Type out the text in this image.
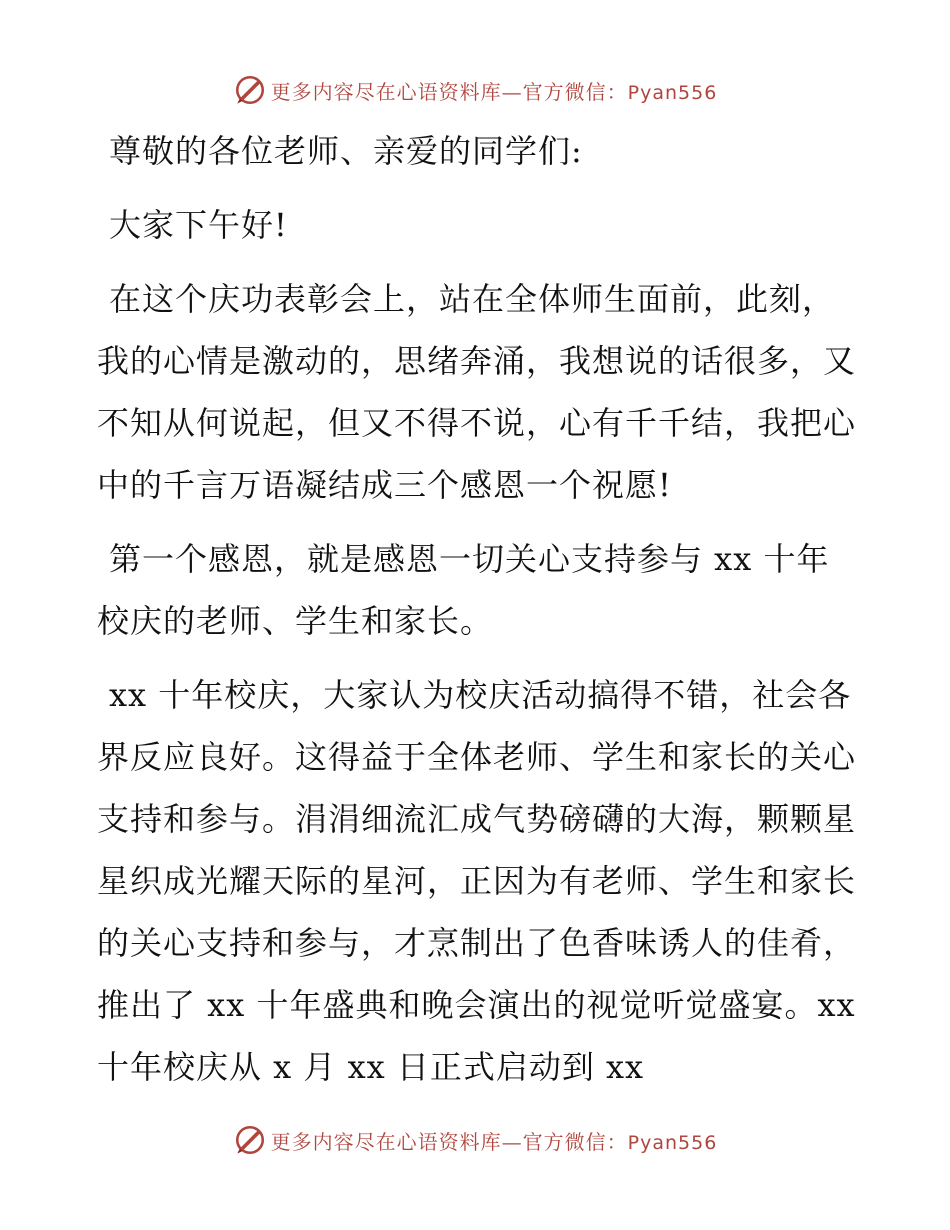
更多内容尽在心语资料库—官方微信：Pyan556

尊敬的各位老师、亲爱的同学们:

大家下午好!

在这个庆功表彰会上，站在全体师生面前，此刻，我的心情是激动的，思绪奔涌，我想说的话很多，又不知从何说起，但又不得不说，心有千千结，我把心中的千言万语凝结成三个感恩一个祝愿!

第一个感恩，就是感恩一切关心支持参与 xx 十年校庆的老师、学生和家长。

xx 十年校庆，大家认为校庆活动搞得不错，社会各界反应良好。这得益于全体老师、学生和家长的关心支持和参与。涓涓细流汇成气势磅礴的大海，颗颗星星织成光耀天际的星河，正因为有老师、学生和家长的关心支持和参与，才烹制出了色香味诱人的佳肴，推出了 xx 十年盛典和晚会演出的视觉听觉盛宴。xx 十年校庆从 x 月 xx 日正式启动到 xx

更多内容尽在心语资料库—官方微信：Pyan556
